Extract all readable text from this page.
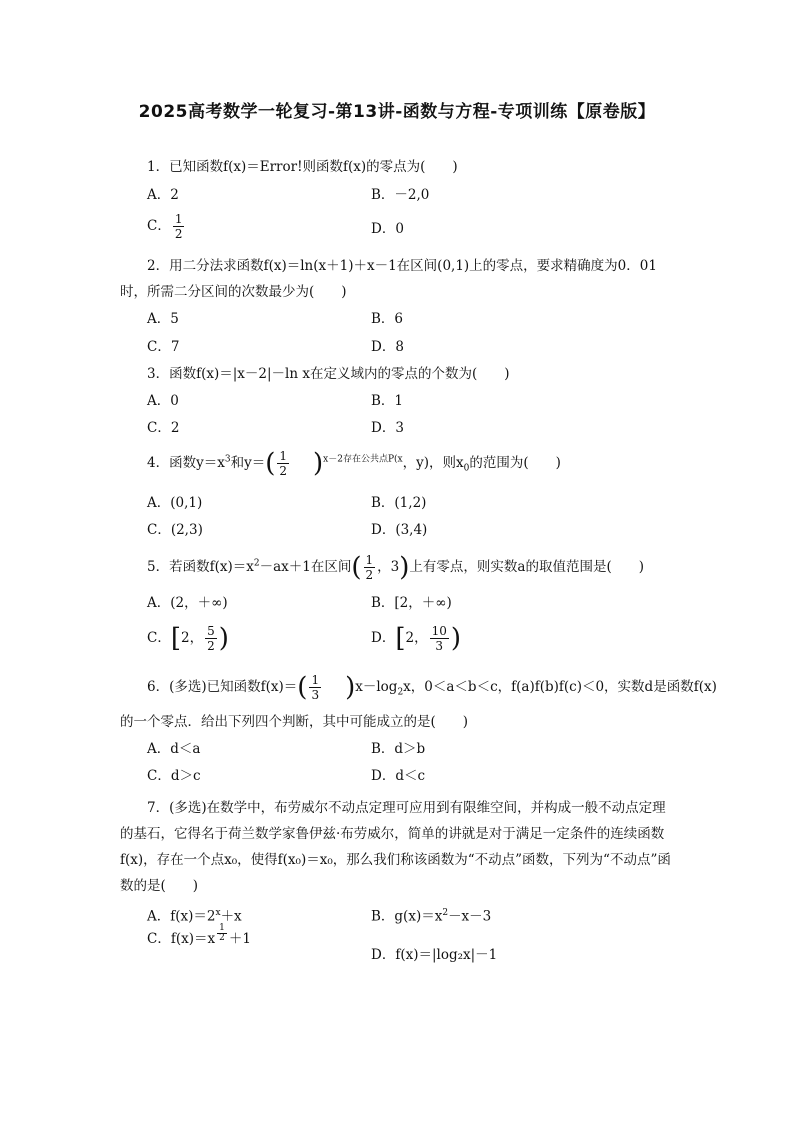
2025高考数学一轮复习-第13讲-函数与方程-专项训练【原卷版】
1．已知函数f(x)＝Error!则函数f(x)的零点为(　　)
A．2	B．－2,0
C． $\frac{1}{2}$	D．0
2．用二分法求函数f(x)＝ln(x＋1)＋x－1在区间(0,1)上的零点，要求精确度为0．01时，所需二分区间的次数最少为(　　)
A．5	B．6
C．7	D．8
3．函数f(x)＝|x－2|－ln x在定义域内的零点的个数为(　　)
A．0	B．1
C．2	D．3
4．函数$y=x^3$和$y=( \frac{1}{2} )^{x-2存在公共点P(x}$，y)，则$x_0$的范围为(　　)
A．(0,1)	B．(1,2)
C．(2,3)	D．(3,4)
5．若函数$f(x)=x^2-ax+1$在区间( $\frac{1}{2}$ ，3)上有零点，则实数a的取值范围是(　　)
A．(2，＋∞)	B．[2，＋∞)
C．[2， $\frac{5}{2}$ )	D．[2， $\frac{10}{3}$ )
6．(多选)已知函数$f(x)=( \frac{1}{3} )x-\log_2x$，0＜a＜b＜c，f(a)f(b)f(c)＜0，实数d是函数f(x)
的一个零点．给出下列四个判断，其中可能成立的是(　　)
A．d＜a	B．d＞b
C．d＞c	D．d＜c
7．(多选)在数学中，布劳威尔不动点定理可应用到有限维空间，并构成一般不动点定理的基石，它得名于荷兰数学家鲁伊兹·布劳威尔，简单的讲就是对于满足一定条件的连续函数f(x)，存在一个点x₀，使得f(x₀)＝x₀，那么我们称该函数为“不动点”函数，下列为“不动点”函数的是(　　)
A．$f(x)=2^x+x$	B．$g(x)=x^2-x-3$
C．$f(x)=x \frac{1}{2} +1$
D．f(x)＝|log₂x|－1
